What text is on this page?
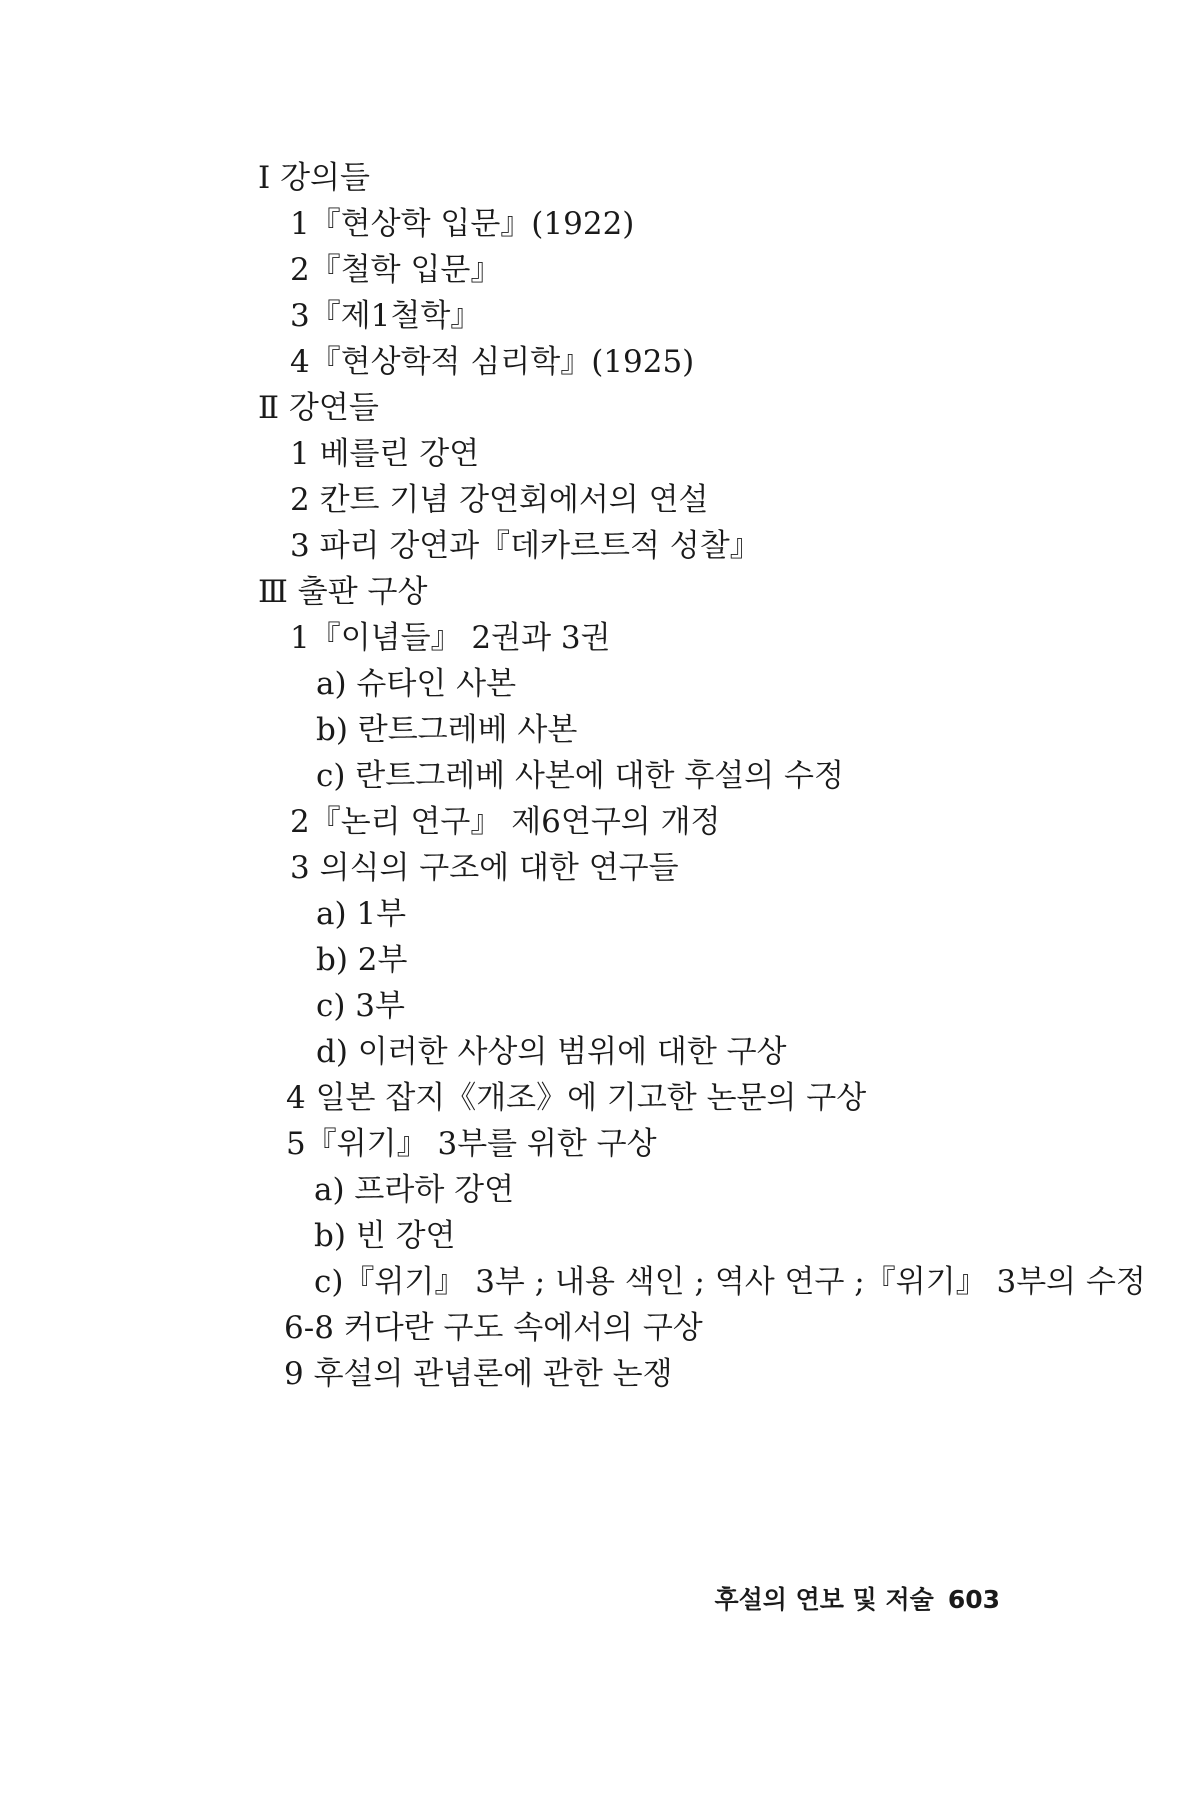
Ⅰ 강의들
1『현상학 입문』(1922)
2『철학 입문』
3『제1철학』
4『현상학적 심리학』(1925)
Ⅱ 강연들
1 베를린 강연
2 칸트 기념 강연회에서의 연설
3 파리 강연과『데카르트적 성찰』
Ⅲ 출판 구상
1『이념들』 2권과 3권
a) 슈타인 사본
b) 란트그레베 사본
c) 란트그레베 사본에 대한 후설의 수정
2『논리 연구』 제6연구의 개정
3 의식의 구조에 대한 연구들
a) 1부
b) 2부
c) 3부
d) 이러한 사상의 범위에 대한 구상
4 일본 잡지《개조》에 기고한 논문의 구상
5『위기』 3부를 위한 구상
a) 프라하 강연
b) 빈 강연
c)『위기』 3부 ; 내용 색인 ; 역사 연구 ;『위기』 3부의 수정
6-8 커다란 구도 속에서의 구상
9 후설의 관념론에 관한 논쟁
후설의 연보 및 저술 603
